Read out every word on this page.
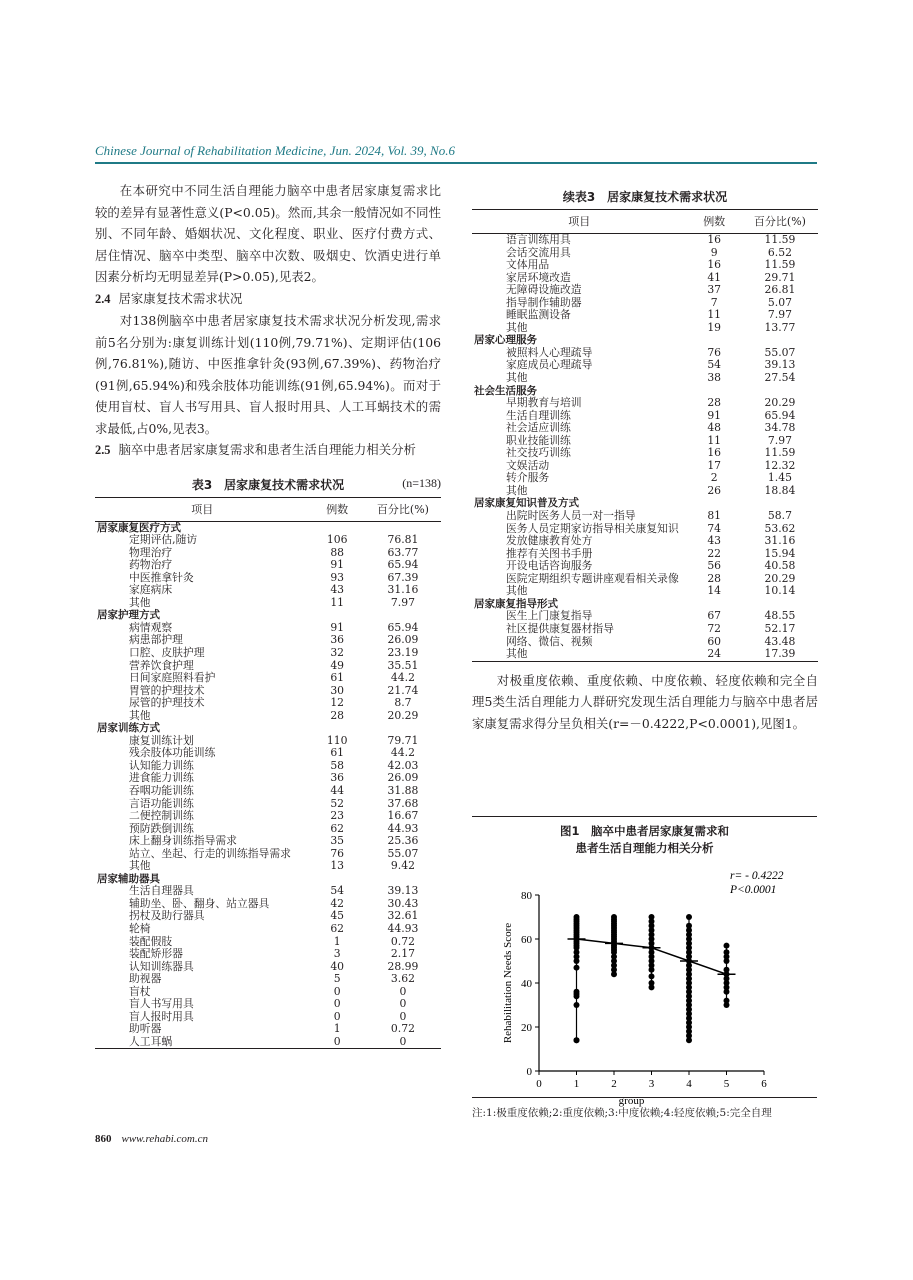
Chinese Journal of Rehabilitation Medicine, Jun. 2024, Vol. 39, No.6

在本研究中不同生活自理能力脑卒中患者居家康复需求比较的差异有显著性意义(P<0.05)。然而,其余一般情况如不同性别、不同年龄、婚姻状况、文化程度、职业、医疗付费方式、居住情况、脑卒中类型、脑卒中次数、吸烟史、饮酒史进行单因素分析均无明显差异(P>0.05),见表2。

2.4 居家康复技术需求状况

对138例脑卒中患者居家康复技术需求状况分析发现,需求前5名分别为:康复训练计划(110例,79.71%)、定期评估(106例,76.81%),随访、中医推拿针灸(93例,67.39%)、药物治疗(91例,65.94%)和残余肢体功能训练(91例,65.94%)。而对于使用盲杖、盲人书写用具、盲人报时用具、人工耳蜗技术的需求最低,占0%,见表3。

2.5 脑卒中患者居家康复需求和患者生活自理能力相关分析

表3　居家康复技术需求状况	(n=138)
项目	例数	百分比(%)
居家康复医疗方式		
定期评估,随访	106	76.81
物理治疗	88	63.77
药物治疗	91	65.94
中医推拿针灸	93	67.39
家庭病床	43	31.16
其他	11	7.97
居家护理方式		
病情观察	91	65.94
病患部护理	36	26.09
口腔、皮肤护理	32	23.19
营养饮食护理	49	35.51
日间家庭照料看护	61	44.2
胃管的护理技术	30	21.74
尿管的护理技术	12	8.7
其他	28	20.29
居家训练方式		
康复训练计划	110	79.71
残余肢体功能训练	61	44.2
认知能力训练	58	42.03
进食能力训练	36	26.09
吞咽功能训练	44	31.88
言语功能训练	52	37.68
二便控制训练	23	16.67
预防跌倒训练	62	44.93
床上翻身训练指导需求	35	25.36
站立、坐起、行走的训练指导需求	76	55.07
其他	13	9.42
居家辅助器具		
生活自理器具	54	39.13
辅助坐、卧、翻身、站立器具	42	30.43
拐杖及助行器具	45	32.61
轮椅	62	44.93
装配假肢	1	0.72
装配矫形器	3	2.17
认知训练器具	40	28.99
助视器	5	3.62
盲杖	0	0
盲人书写用具	0	0
盲人报时用具	0	0
助听器	1	0.72
人工耳蜗	0	0
续表3　居家康复技术需求状况
项目	例数	百分比(%)
语言训练用具	16	11.59
会话交流用具	9	6.52
文体用品	16	11.59
家居环境改造	41	29.71
无障碍设施改造	37	26.81
指导制作辅助器	7	5.07
睡眠监测设备	11	7.97
其他	19	13.77
居家心理服务		
被照料人心理疏导	76	55.07
家庭成员心理疏导	54	39.13
其他	38	27.54
社会生活服务		
早期教育与培训	28	20.29
生活自理训练	91	65.94
社会适应训练	48	34.78
职业技能训练	11	7.97
社交技巧训练	16	11.59
文娱活动	17	12.32
转介服务	2	1.45
其他	26	18.84
居家康复知识普及方式		
出院时医务人员一对一指导	81	58.7
医务人员定期家访指导相关康复知识	74	53.62
发放健康教育处方	43	31.16
推荐有关图书手册	22	15.94
开设电话咨询服务	56	40.58
医院定期组织专题讲座观看相关录像	28	20.29
其他	14	10.14
居家康复指导形式		
医生上门康复指导	67	48.55
社区提供康复器材指导	72	52.17
网络、微信、视频	60	43.48
其他	24	17.39

对极重度依赖、重度依赖、中度依赖、轻度依赖和完全自理5类生活自理能力人群研究发现生活自理能力与脑卒中患者居家康复需求得分呈负相关(r=－0.4222,P<0.0001),见图1。

图1　脑卒中患者居家康复需求和
患者生活自理能力相关分析
0	1	2	3	4	5	6
0
20
40
60
80
group
Rehabilitation Needs Score
r= - 0.4222
P<0.0001
注:1:极重度依赖;2:重度依赖;3:中度依赖;4:轻度依赖;5:完全自理
860 www.rehabi.com.cn
